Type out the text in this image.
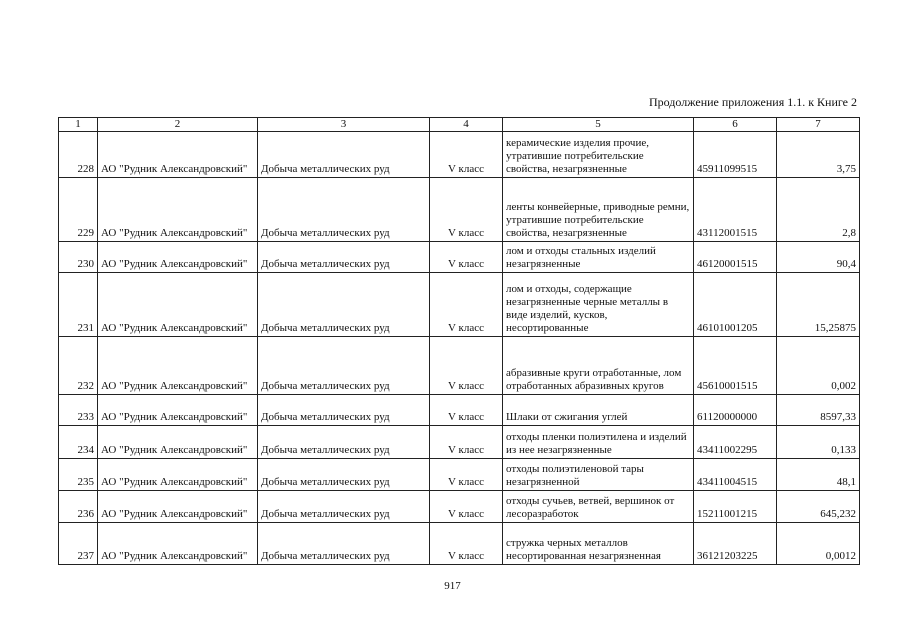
Продолжение приложения 1.1. к Книге 2
1	2	3	4	5	6	7
228	АО "Рудник Александровский"	Добыча металлических руд	V класс	керамические изделия прочие, утратившие потребительские свойства, незагрязненные	45911099515	3,75
229	АО "Рудник Александровский"	Добыча металлических руд	V класс	ленты конвейерные, приводные ремни, утратившие потребительские свойства, незагрязненные	43112001515	2,8
230	АО "Рудник Александровский"	Добыча металлических руд	V класс	лом и отходы стальных изделий незагрязненные	46120001515	90,4
231	АО "Рудник Александровский"	Добыча металлических руд	V класс	лом и отходы, содержащие незагрязненные черные металлы в виде изделий, кусков, несортированные	46101001205	15,25875
232	АО "Рудник Александровский"	Добыча металлических руд	V класс	абразивные круги отработанные, лом отработанных абразивных кругов	45610001515	0,002
233	АО "Рудник Александровский"	Добыча металлических руд	V класс	Шлаки от сжигания углей	61120000000	8597,33
234	АО "Рудник Александровский"	Добыча металлических руд	V класс	отходы пленки полиэтилена и изделий из нее незагрязненные	43411002295	0,133
235	АО "Рудник Александровский"	Добыча металлических руд	V класс	отходы полиэтиленовой тары незагрязненной	43411004515	48,1
236	АО "Рудник Александровский"	Добыча металлических руд	V класс	отходы сучьев, ветвей, вершинок от лесоразработок	15211001215	645,232
237	АО "Рудник Александровский"	Добыча металлических руд	V класс	стружка черных металлов несортированная незагрязненная	36121203225	0,0012
917
